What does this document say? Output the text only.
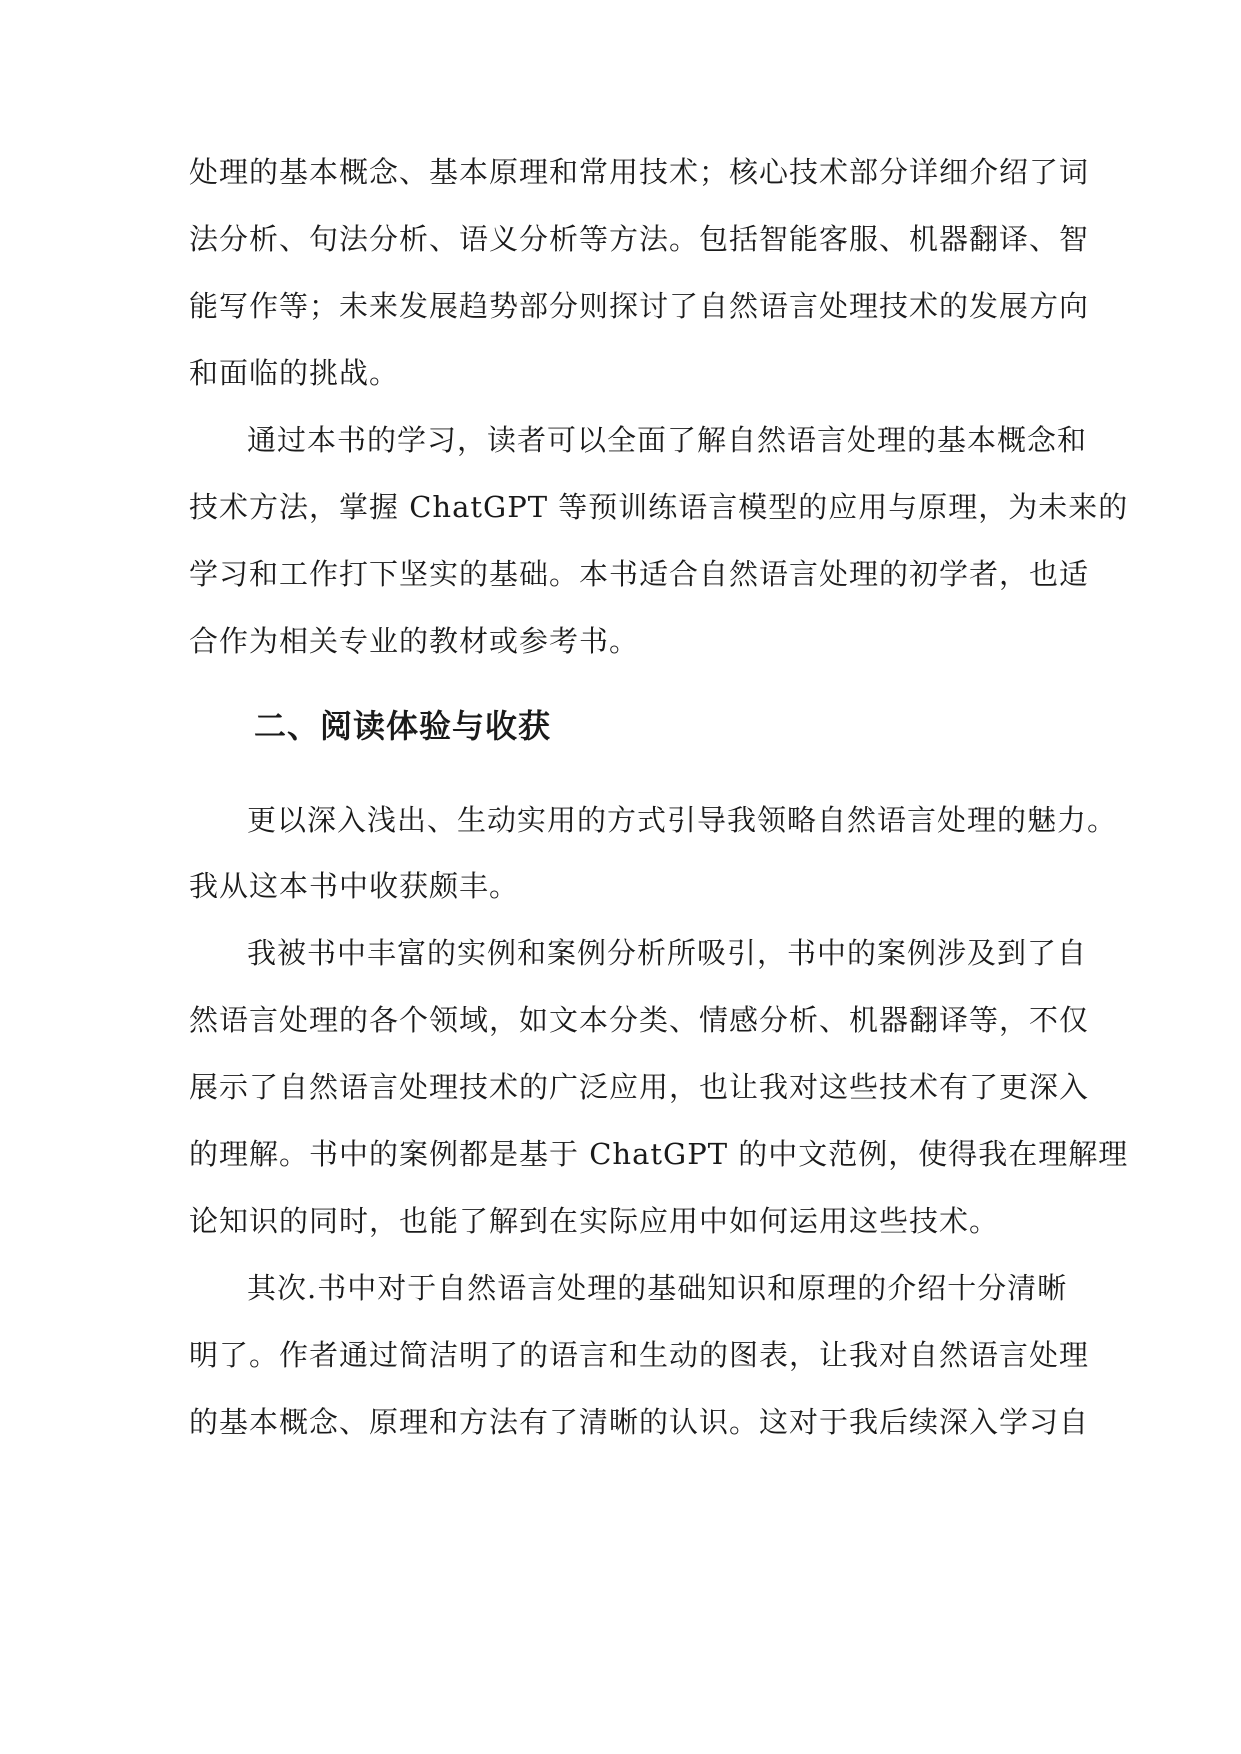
处理的基本概念、基本原理和常用技术；核心技术部分详细介绍了词
法分析、句法分析、语义分析等方法。包括智能客服、机器翻译、智
能写作等；未来发展趋势部分则探讨了自然语言处理技术的发展方向
和面临的挑战。
通过本书的学习，读者可以全面了解自然语言处理的基本概念和
技术方法，掌握 ChatGPT 等预训练语言模型的应用与原理，为未来的
学习和工作打下坚实的基础。本书适合自然语言处理的初学者，也适
合作为相关专业的教材或参考书。
二、阅读体验与收获
更以深入浅出、生动实用的方式引导我领略自然语言处理的魅力。
我从这本书中收获颇丰。
我被书中丰富的实例和案例分析所吸引，书中的案例涉及到了自
然语言处理的各个领域，如文本分类、情感分析、机器翻译等，不仅
展示了自然语言处理技术的广泛应用，也让我对这些技术有了更深入
的理解。书中的案例都是基于 ChatGPT 的中文范例，使得我在理解理
论知识的同时，也能了解到在实际应用中如何运用这些技术。
其次.书中对于自然语言处理的基础知识和原理的介绍十分清晰
明了。作者通过简洁明了的语言和生动的图表，让我对自然语言处理
的基本概念、原理和方法有了清晰的认识。这对于我后续深入学习自
